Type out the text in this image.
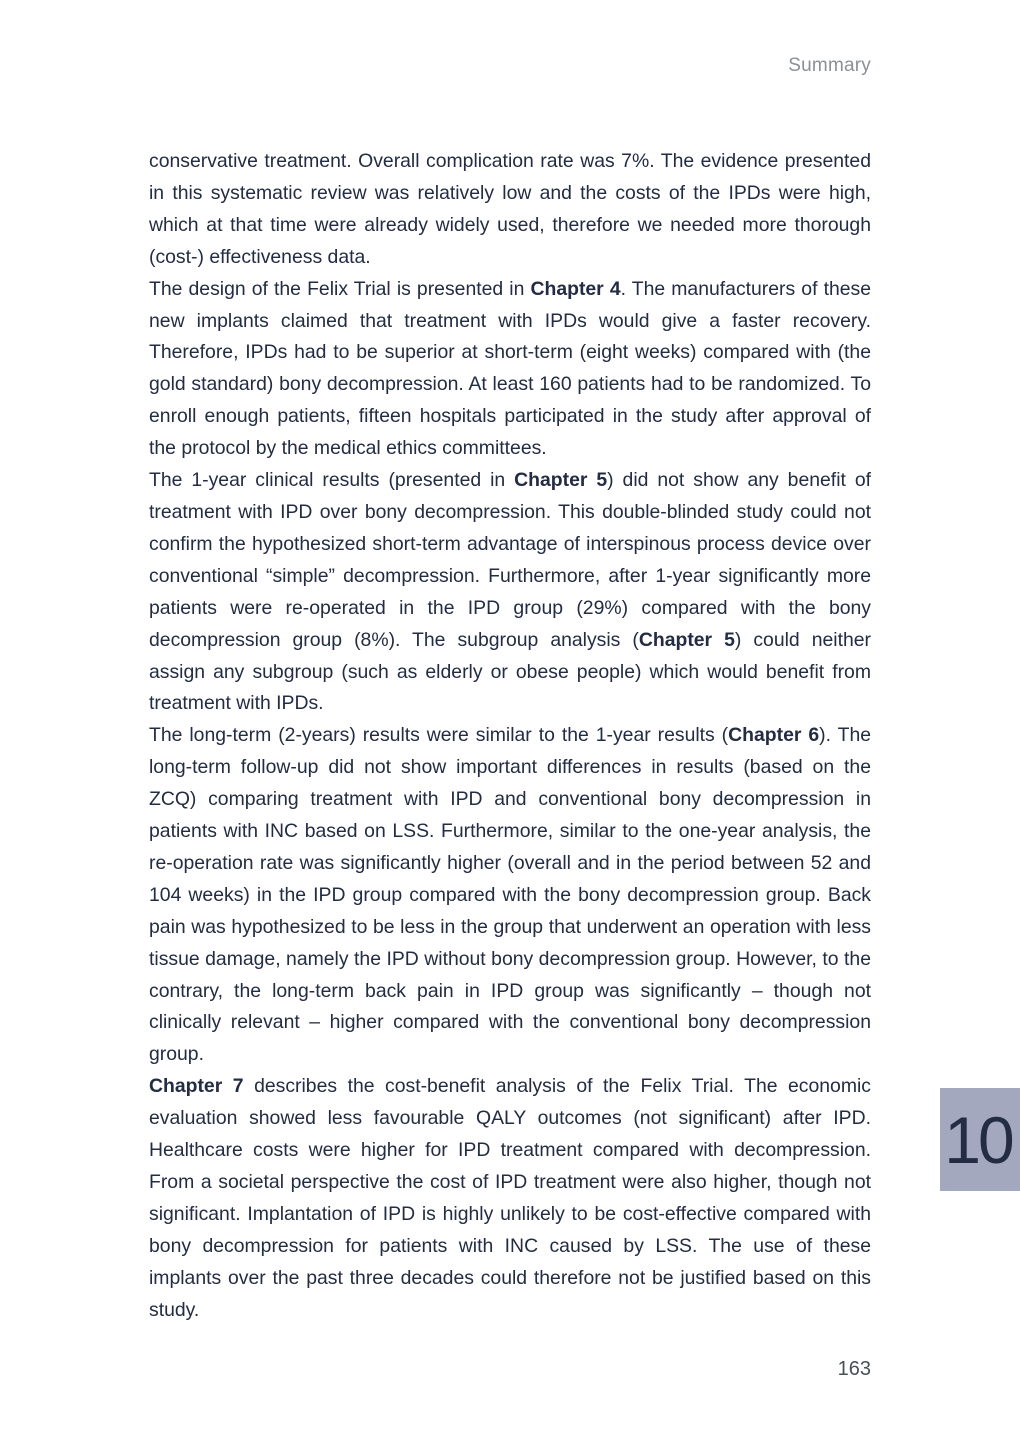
Summary

conservative treatment. Overall complication rate was 7%. The evidence presented in this systematic review was relatively low and the costs of the IPDs were high, which at that time were already widely used, therefore we needed more thorough (cost-) effectiveness data.

The design of the Felix Trial is presented in Chapter 4. The manufacturers of these new implants claimed that treatment with IPDs would give a faster recovery. Therefore, IPDs had to be superior at short-term (eight weeks) compared with (the gold standard) bony decompression. At least 160 patients had to be randomized. To enroll enough patients, fifteen hospitals participated in the study after approval of the protocol by the medical ethics committees.

The 1-year clinical results (presented in Chapter 5) did not show any benefit of treatment with IPD over bony decompression. This double-blinded study could not confirm the hypothesized short-term advantage of interspinous process device over conventional “simple” decompression. Furthermore, after 1-year significantly more patients were re-operated in the IPD group (29%) compared with the bony decompression group (8%). The subgroup analysis (Chapter 5) could neither assign any subgroup (such as elderly or obese people) which would benefit from treatment with IPDs.

The long-term (2-years) results were similar to the 1-year results (Chapter 6). The long-term follow-up did not show important differences in results (based on the ZCQ) comparing treatment with IPD and conventional bony decompression in patients with INC based on LSS. Furthermore, similar to the one-year analysis, the re-operation rate was significantly higher (overall and in the period between 52 and 104 weeks) in the IPD group compared with the bony decompression group. Back pain was hypothesized to be less in the group that underwent an operation with less tissue damage, namely the IPD without bony decompression group. However, to the contrary, the long-term back pain in IPD group was significantly – though not clinically relevant – higher compared with the conventional bony decompression group.

Chapter 7 describes the cost-benefit analysis of the Felix Trial. The economic evaluation showed less favourable QALY outcomes (not significant) after IPD. Healthcare costs were higher for IPD treatment compared with decompression. From a societal perspective the cost of IPD treatment were also higher, though not significant. Implantation of IPD is highly unlikely to be cost-effective compared with bony decompression for patients with INC caused by LSS. The use of these implants over the past three decades could therefore not be justified based on this study.

10
163
